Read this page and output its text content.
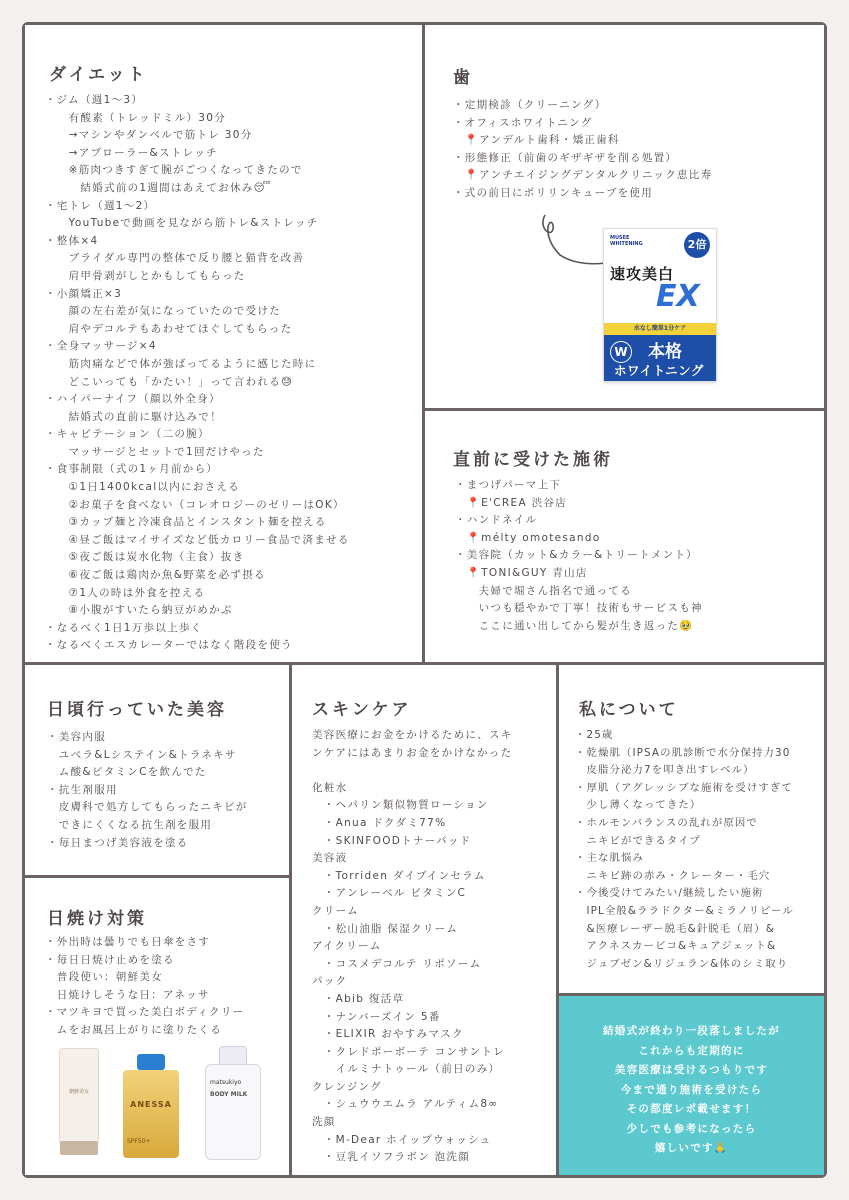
ダイエット
・ジム（週1〜3）
　　有酸素（トレッドミル）30分
　　→マシンやダンベルで筋トレ 30分
　　→アブローラー&ストレッチ
　　※筋肉つきすぎて腕がごつくなってきたので
　　　結婚式前の1週間はあえてお休み😴
・宅トレ（週1〜2）
　　YouTubeで動画を見ながら筋トレ&ストレッチ
・整体×4
　　ブライダル専門の整体で反り腰と猫背を改善
　　肩甲骨剥がしとかもしてもらった
・小顔矯正×3
　　顔の左右差が気になっていたので受けた
　　肩やデコルテもあわせてほぐしてもらった
・全身マッサージ×4
　　筋肉痛などで体が強ばってるように感じた時に
　　どこいっても「かたい！」って言われる😓
・ハイパーナイフ（顔以外全身）
　　結婚式の直前に駆け込みで！
・キャビテーション（二の腕）
　　マッサージとセットで1回だけやった
・食事制限（式の1ヶ月前から）
　　①1日1400kcal以内におさえる
　　②お菓子を食べない（コレオロジーのゼリーはOK）
　　③カップ麺と冷凍食品とインスタント麺を控える
　　④昼ご飯はマイサイズなど低カロリー食品で済ませる
　　⑤夜ご飯は炭水化物（主食）抜き
　　⑥夜ご飯は鶏肉か魚&野菜を必ず摂る
　　⑦1人の時は外食を控える
　　⑧小腹がすいたら納豆がめかぶ
・なるべく1日1万歩以上歩く
・なるべくエスカレーターではなく階段を使う
歯
・定期検診（クリーニング）
・オフィスホワイトニング
　📍アンデルト歯科・矯正歯科
・形態修正（前歯のギザギザを削る処置）
　📍アンチエイジングデンタルクリニック恵比寿
・式の前日にポリリンキューブを使用
MUSEE WHITENING	2倍
速攻美白
EX
水なし簡単1分ケア
W 本格
ホワイトニング
直前に受けた施術
・まつげパーマ上下
　📍E'CREA 渋谷店
・ハンドネイル
　📍mélty omotesando
・美容院（カット&カラー&トリートメント）
　📍TONI&GUY 青山店
　　夫婦で堀さん指名で通ってる
　　いつも穏やかで丁寧！技術もサービスも神
　　ここに通い出してから髪が生き返った🥹
日頃行っていた美容
・美容内服
　ユベラ&Lシステイン&トラネキサ
　ム酸&ビタミンCを飲んでた
・抗生剤服用
　皮膚科で処方してもらったニキビが
　できにくくなる抗生剤を服用
・毎日まつげ美容液を塗る
日焼け対策
・外出時は曇りでも日傘をさす
・毎日日焼け止めを塗る
　普段使い：朝鮮美女
　日焼けしそうな日：アネッサ
・マツキヨで買った美白ボディクリー
　ムをお風呂上がりに塗りたくる
朝鮮美女
ANESSA
SPF50+
matsukiyo
BODY MILK
スキンケア
美容医療にお金をかけるために、スキ
ンケアにはあまりお金をかけなかった

化粧水
　・ヘパリン類似物質ローション
　・Anua ドクダミ77%
　・SKINFOODトナーパッド
美容液
　・Torriden ダイブインセラム
　・アンレーベル ビタミンC
クリーム
　・松山油脂 保湿クリーム
アイクリーム
　・コスメデコルテ リポソーム
パック
　・Abib 復活草
　・ナンバーズイン 5番
　・ELIXIR おやすみマスク
　・クレドポーボーテ コンサントレ
　　イルミナトゥール（前日のみ）
クレンジング
　・シュウウエムラ アルティム8∞
洗顔
　・M-Dear ホイップウォッシュ
　・豆乳イソフラボン 泡洗顔
私について
・25歳
・乾燥肌（IPSAの肌診断で水分保持力30
　皮脂分泌力7を叩き出すレベル）
・厚肌（アグレッシブな施術を受けすぎて
　少し薄くなってきた）
・ホルモンバランスの乱れが原因で
　ニキビができるタイプ
・主な肌悩み
　ニキビ跡の赤み・クレーター・毛穴
・今後受けてみたい/継続したい施術
　IPL全般&ララドクター&ミラノリピール
　&医療レーザー脱毛&針脱毛（眉）&
　アクネスカービコ&キュアジェット&
　ジュブゼン&リジュラン&体のシミ取り
結婚式が終わり一段落しましたが
これからも定期的に
美容医療は受けるつもりです
今まで通り施術を受けたら
その都度レポ載せます！
少しでも参考になったら
嬉しいです🙏
